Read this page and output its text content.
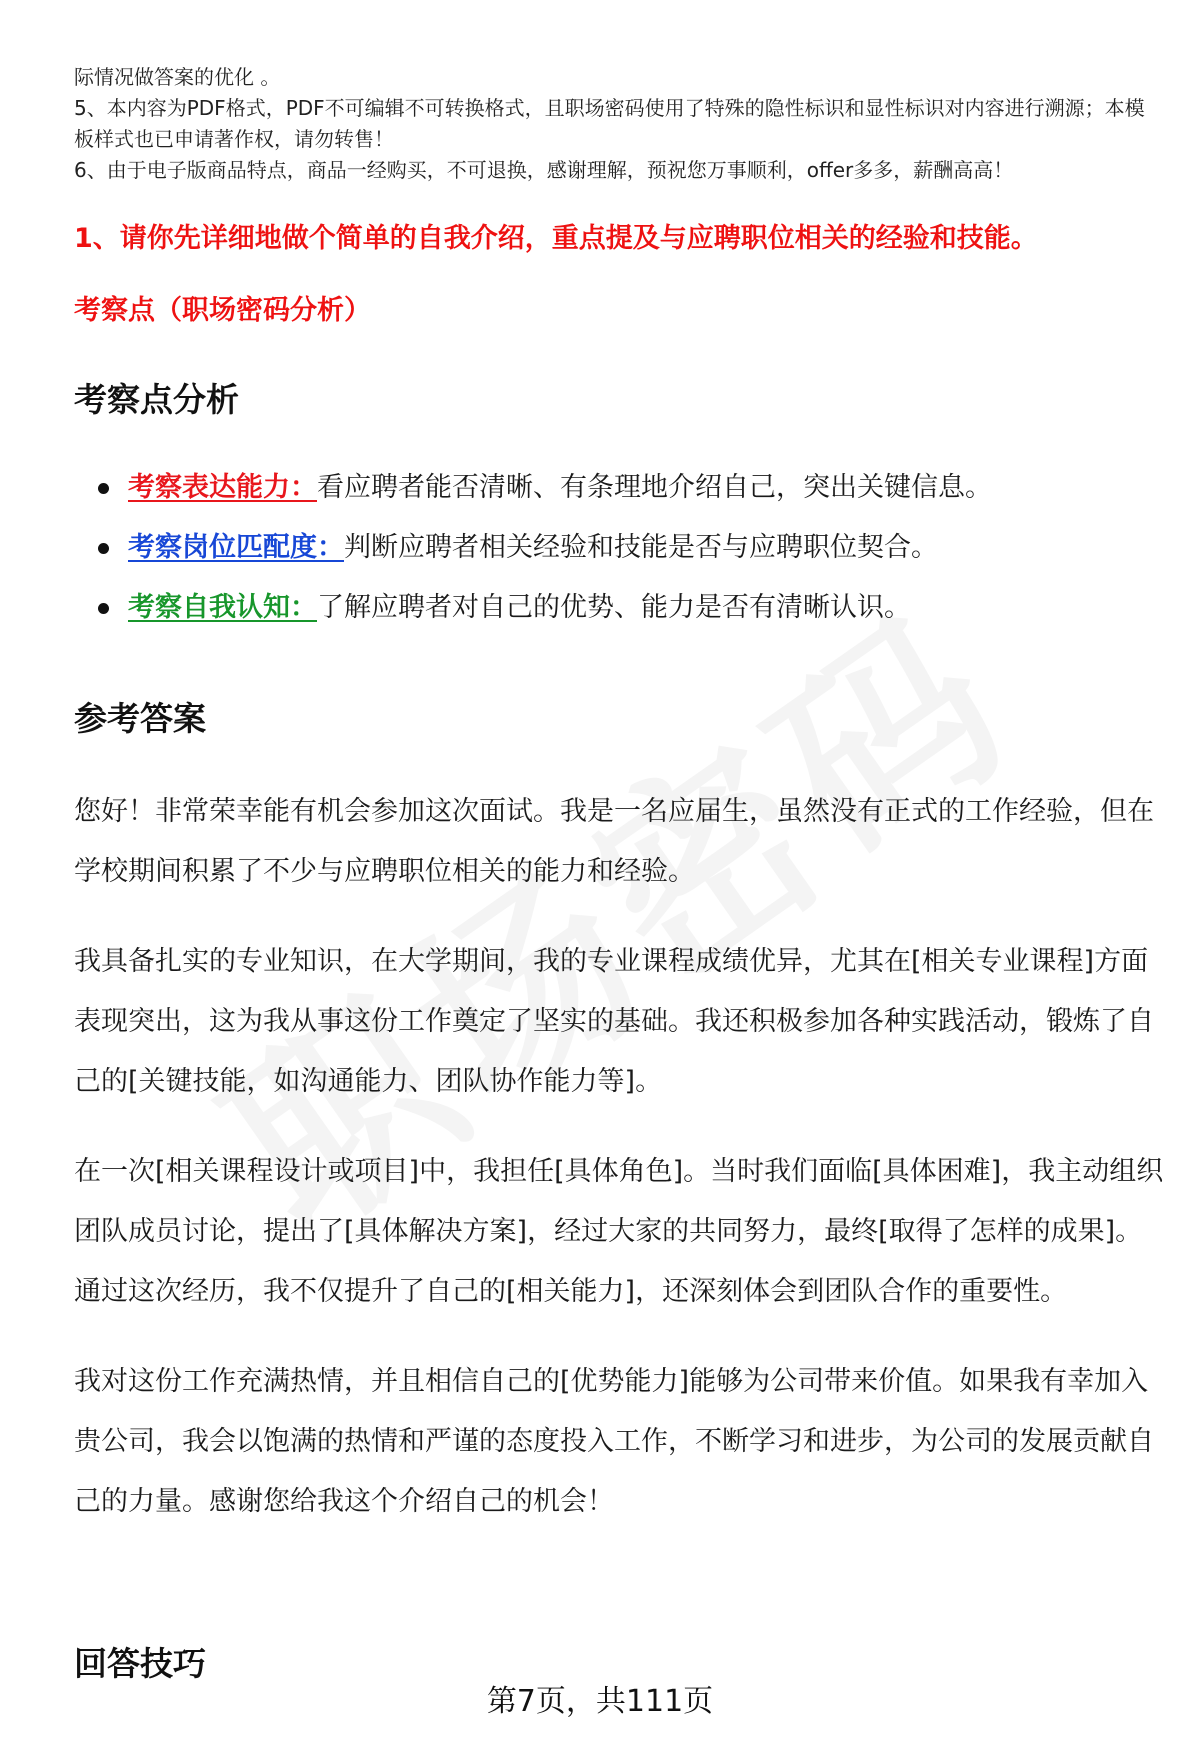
际情况做答案的优化 。

5、本内容为PDF格式，PDF不可编辑不可转换格式，且职场密码使用了特殊的隐性标识和显性标识对内容进行溯源；本模板样式也已申请著作权，请勿转售！

6、由于电子版商品特点，商品一经购买，不可退换，感谢理解，预祝您万事顺利，offer多多，薪酬高高！

1、请你先详细地做个简单的自我介绍，重点提及与应聘职位相关的经验和技能。
考察点（职场密码分析）
考察点分析
考察表达能力：看应聘者能否清晰、有条理地介绍自己，突出关键信息。
考察岗位匹配度：判断应聘者相关经验和技能是否与应聘职位契合。
考察自我认知：了解应聘者对自己的优势、能力是否有清晰认识。
参考答案

您好！非常荣幸能有机会参加这次面试。我是一名应届生，虽然没有正式的工作经验，但在学校期间积累了不少与应聘职位相关的能力和经验。

我具备扎实的专业知识，在大学期间，我的专业课程成绩优异，尤其在[相关专业课程]方面表现突出，这为我从事这份工作奠定了坚实的基础。我还积极参加各种实践活动，锻炼了自己的[关键技能，如沟通能力、团队协作能力等]。

在一次[相关课程设计或项目]中，我担任[具体角色]。当时我们面临[具体困难]，我主动组织团队成员讨论，提出了[具体解决方案]，经过大家的共同努力，最终[取得了怎样的成果]。通过这次经历，我不仅提升了自己的[相关能力]，还深刻体会到团队合作的重要性。

我对这份工作充满热情，并且相信自己的[优势能力]能够为公司带来价值。如果我有幸加入贵公司，我会以饱满的热情和严谨的态度投入工作，不断学习和进步，为公司的发展贡献自己的力量。感谢您给我这个介绍自己的机会！

回答技巧
第7页，共111页
